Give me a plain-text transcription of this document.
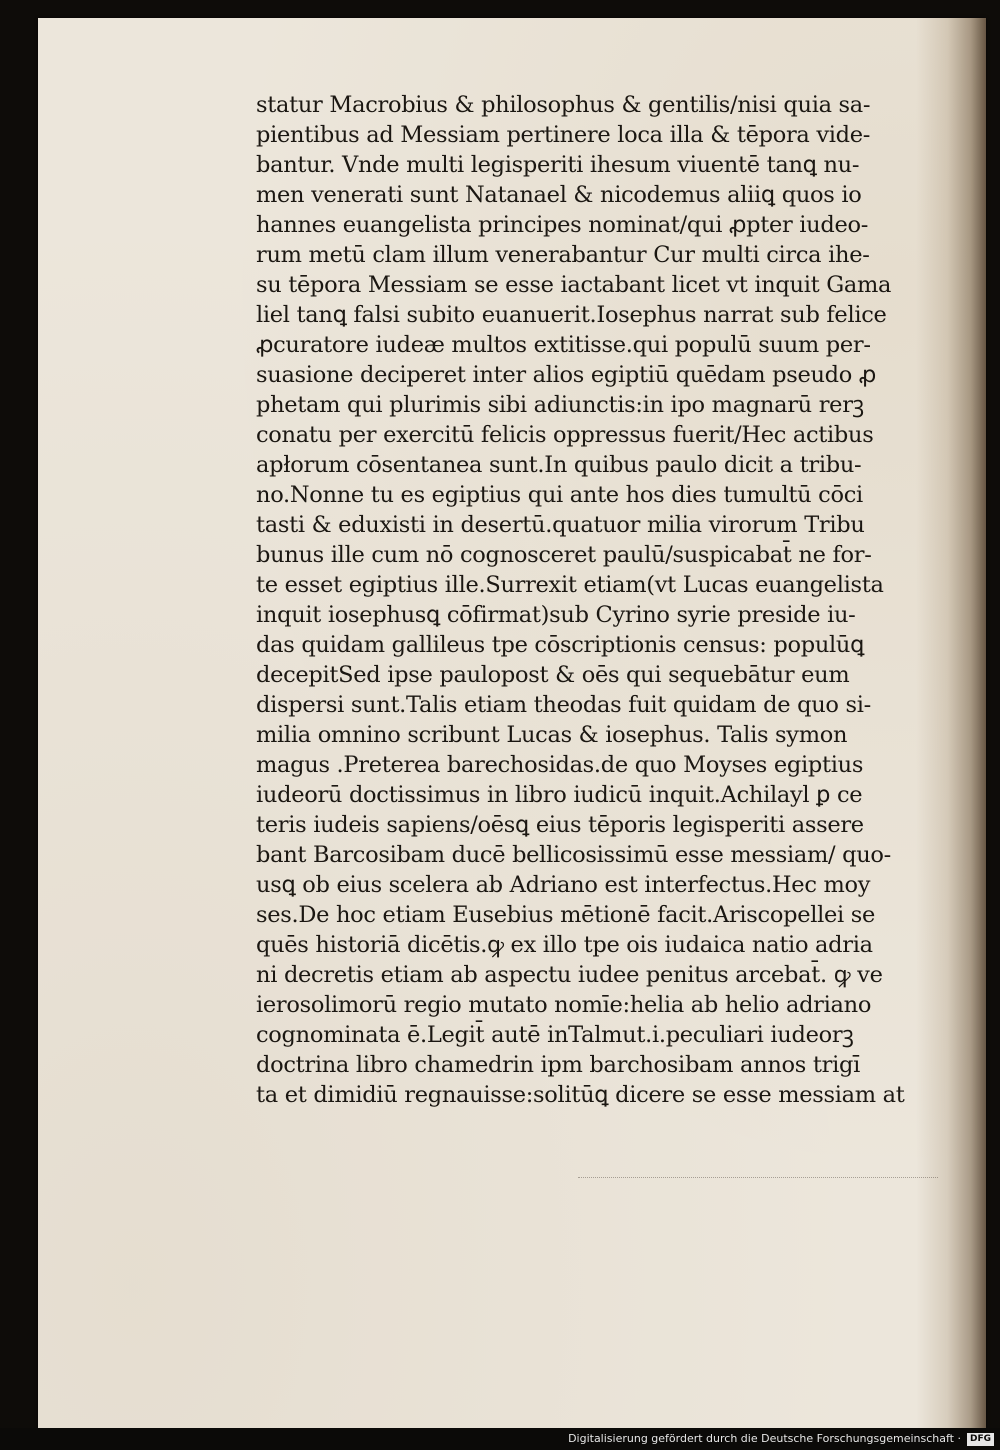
statur Macrobius & philosophus & gentilis/nisi quia sa-
pientibus ad Messiam pertinere loca illa & tēpora vide-
bantur. Vnde multi legisperiti ihesum viuentē tanꝗ nu-
men venerati sunt Natanael & nicodemus aliiꝗ quos io
hannes euangelista principes nominat/qui ꝓpter iudeo-
rum metū clam illum venerabantur Cur multi circa ihe-
su tēpora Messiam se esse iactabant licet vt inquit Gama
liel tanꝗ falsi subito euanuerit.Iosephus narrat sub felice
ꝓcuratore iudeæ multos extitisse.qui populū suum per-
suasione deciperet inter alios egiptiū quēdam pseudo ꝓ
phetam qui plurimis sibi adiunctis:in ipo magnarū rerꝫ
conatu per exercitū felicis oppressus fuerit/Hec actibus
apłorum cōsentanea sunt.In quibus paulo dicit a tribu-
no.Nonne tu es egiptius qui ante hos dies tumultū cōci
tasti & eduxisti in desertū.quatuor milia virorum Tribu
bunus ille cum nō cognosceret paulū/suspicabat̄ ne for-
te esset egiptius ille.Surrexit etiam(vt Lucas euangelista
inquit iosephusꝗ cōfirmat)sub Cyrino syrie preside iu-
das quidam gallileus tpe cōscriptionis census: populūꝗ
decepitSed ipse paulopost & oēs qui sequebātur eum
dispersi sunt.Talis etiam theodas fuit quidam de quo si-
milia omnino scribunt Lucas & iosephus. Talis symon
magus .Preterea barechosidas.de quo Moyses egiptius
iudeorū doctissimus in libro iudicū inquit.Achilayl ꝑ ce
teris iudeis sapiens/oēsꝗ eius tēporis legisperiti assere
bant Barcosibam ducē bellicosissimū esse messiam/ quo-
usꝗ ob eius scelera ab Adriano est interfectus.Hec moy
ses.De hoc etiam Eusebius mētionē facit.Ariscopellei se
quēs historiā dicētis.ꝙ ex illo tpe ois iudaica natio adria
ni decretis etiam ab aspectu iudee penitus arcebat̄. ꝙ ve
ierosolimorū regio mutato nomīe:helia ab helio adriano
cognominata ē.Legit̄ autē inTalmut.i.peculiari iudeorꝫ
doctrina libro chamedrin ipm barchosibam annos trigī
ta et dimidiū regnauisse:solitūꝗ dicere se esse messiam at
Digitalisierung gefördert durch die Deutsche Forschungsgemeinschaft · DFG
